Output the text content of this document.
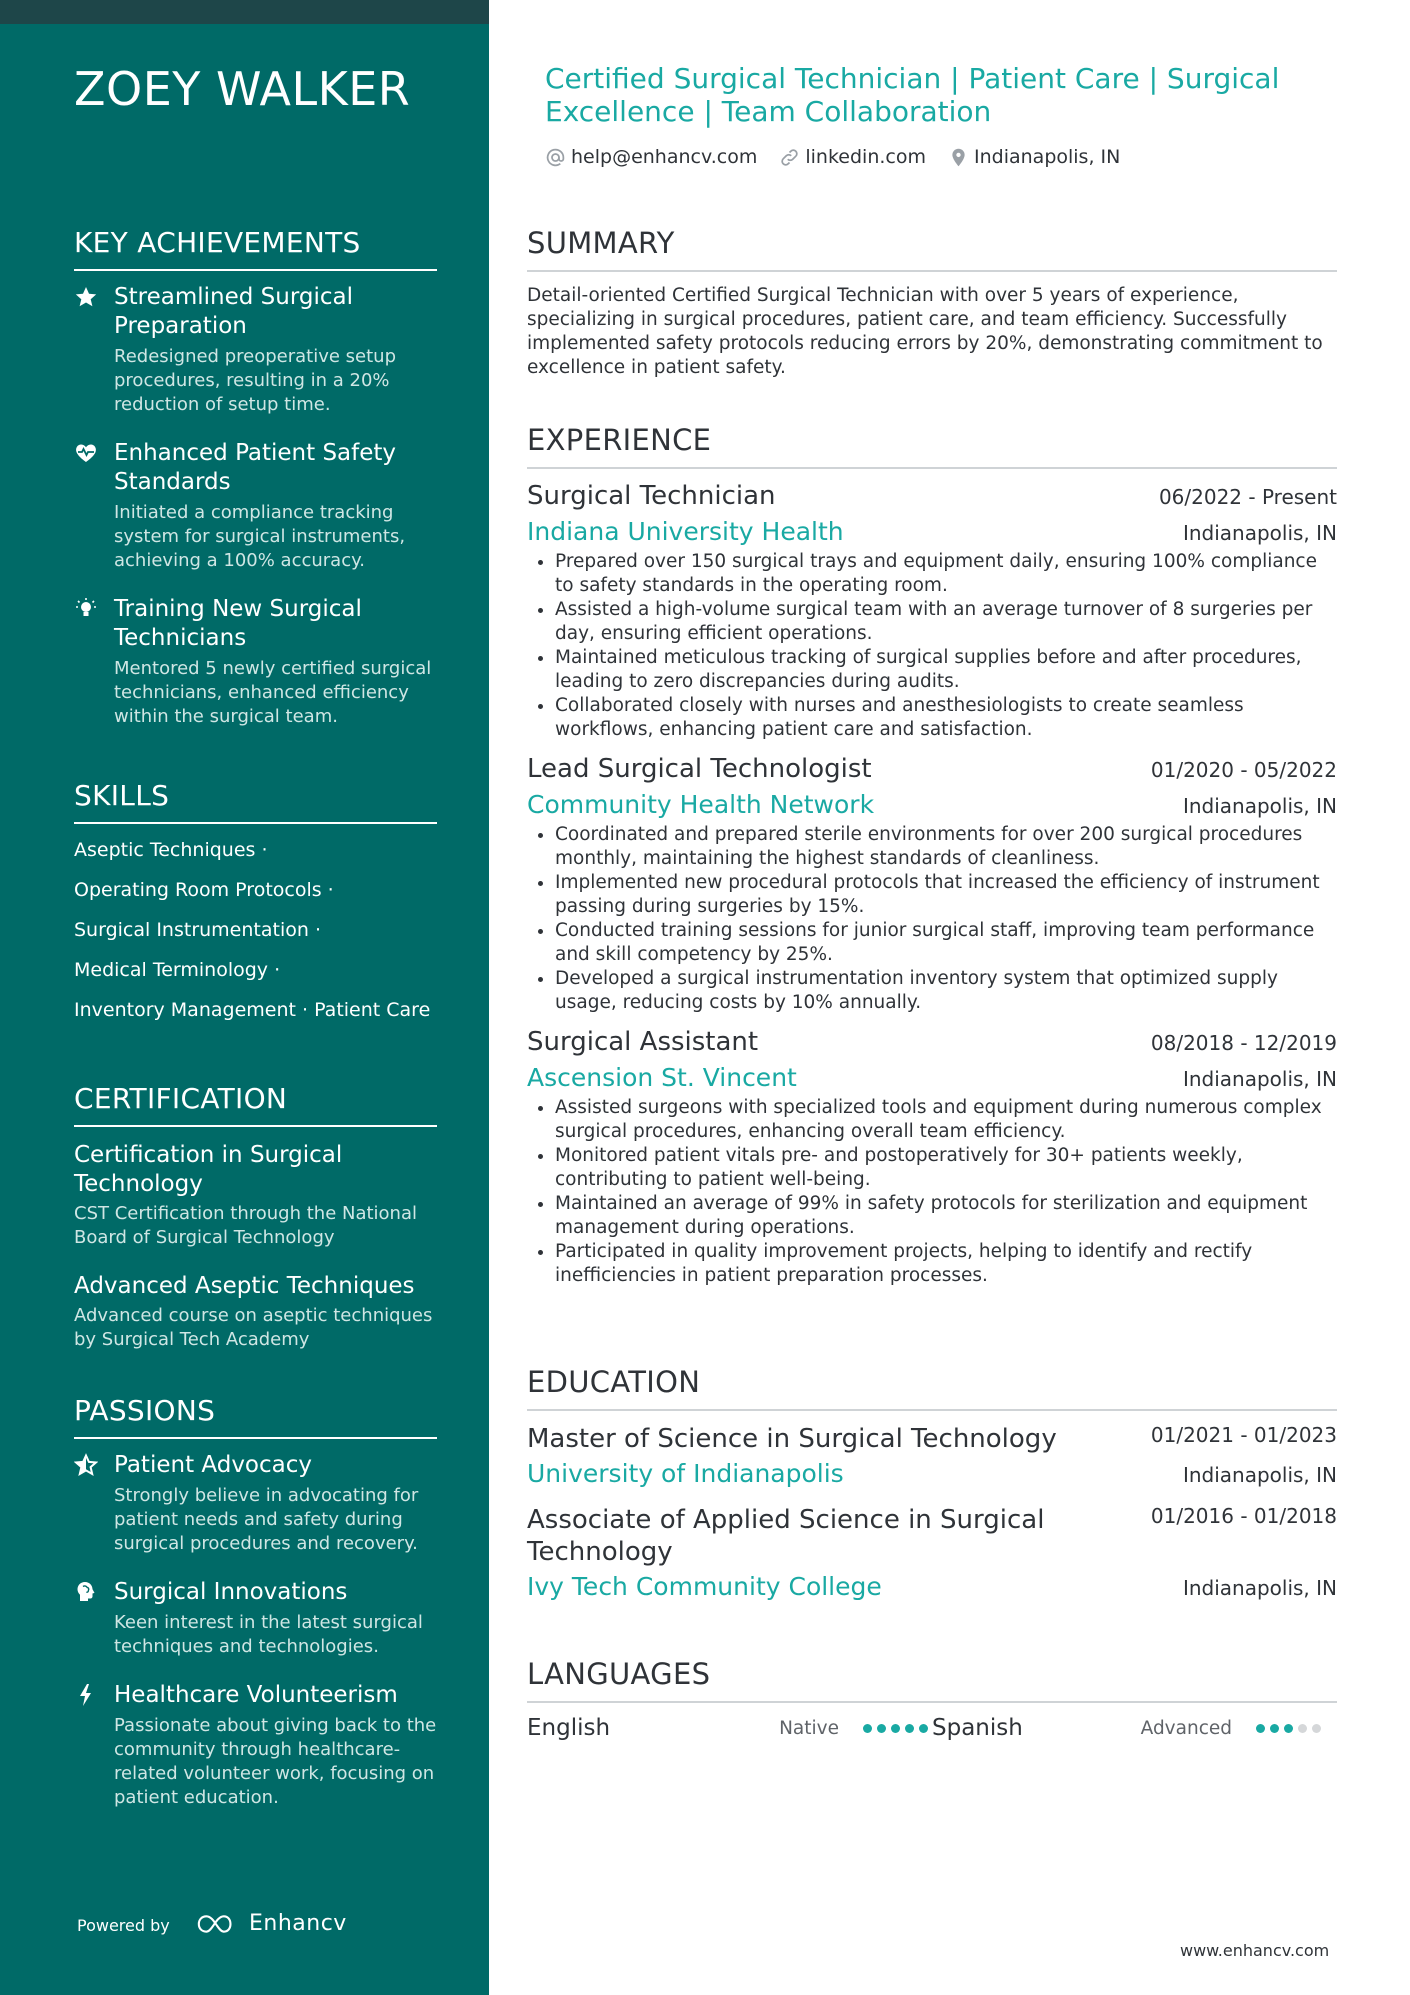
ZOEY WALKER
KEY ACHIEVEMENTS
Streamlined Surgical Preparation
Redesigned preoperative setup procedures, resulting in a 20% reduction of setup time.
Enhanced Patient Safety Standards
Initiated a compliance tracking system for surgical instruments, achieving a 100% accuracy.
Training New Surgical Technicians
Mentored 5 newly certified surgical technicians, enhanced efficiency within the surgical team.
SKILLS
Aseptic Techniques ·
Operating Room Protocols ·
Surgical Instrumentation ·
Medical Terminology ·
Inventory Management · Patient Care
CERTIFICATION
Certification in Surgical Technology
CST Certification through the National Board of Surgical Technology
Advanced Aseptic Techniques
Advanced course on aseptic techniques by Surgical Tech Academy
PASSIONS
Patient Advocacy
Strongly believe in advocating for patient needs and safety during surgical procedures and recovery.
Surgical Innovations
Keen interest in the latest surgical techniques and technologies.
Healthcare Volunteerism
Passionate about giving back to the community through healthcare-related volunteer work, focusing on patient education.
Powered by	Enhancv
Certified Surgical Technician | Patient Care | Surgical Excellence | Team Collaboration
help@enhancv.com	linkedin.com	Indianapolis, IN
SUMMARY
Detail-oriented Certified Surgical Technician with over 5 years of experience, specializing in surgical procedures, patient care, and team efficiency. Successfully implemented safety protocols reducing errors by 20%, demonstrating commitment to excellence in patient safety.
EXPERIENCE
Surgical Technician	06/2022 - Present
Indiana University Health	Indianapolis, IN
• Prepared over 150 surgical trays and equipment daily, ensuring 100% compliance to safety standards in the operating room.
• Assisted a high-volume surgical team with an average turnover of 8 surgeries per day, ensuring efficient operations.
• Maintained meticulous tracking of surgical supplies before and after procedures, leading to zero discrepancies during audits.
• Collaborated closely with nurses and anesthesiologists to create seamless workflows, enhancing patient care and satisfaction.
Lead Surgical Technologist	01/2020 - 05/2022
Community Health Network	Indianapolis, IN
• Coordinated and prepared sterile environments for over 200 surgical procedures monthly, maintaining the highest standards of cleanliness.
• Implemented new procedural protocols that increased the efficiency of instrument passing during surgeries by 15%.
• Conducted training sessions for junior surgical staff, improving team performance and skill competency by 25%.
• Developed a surgical instrumentation inventory system that optimized supply usage, reducing costs by 10% annually.
Surgical Assistant	08/2018 - 12/2019
Ascension St. Vincent	Indianapolis, IN
• Assisted surgeons with specialized tools and equipment during numerous complex surgical procedures, enhancing overall team efficiency.
• Monitored patient vitals pre- and postoperatively for 30+ patients weekly, contributing to patient well-being.
• Maintained an average of 99% in safety protocols for sterilization and equipment management during operations.
• Participated in quality improvement projects, helping to identify and rectify inefficiencies in patient preparation processes.
EDUCATION
Master of Science in Surgical Technology	01/2021 - 01/2023
University of Indianapolis	Indianapolis, IN
Associate of Applied Science in Surgical Technology
01/2016 - 01/2018
Ivy Tech Community College	Indianapolis, IN
LANGUAGES
English	Native	Spanish	Advanced
www.enhancv.com
